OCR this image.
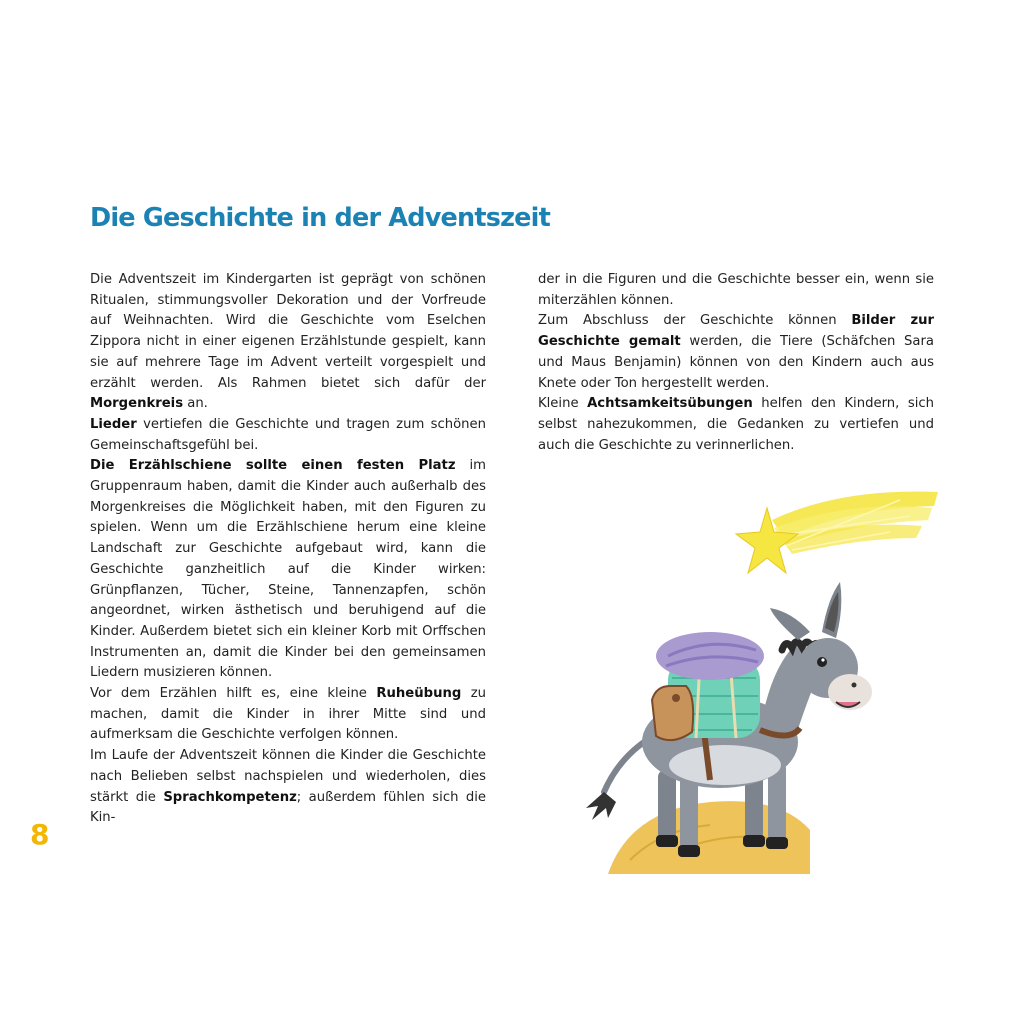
Die Geschichte in der Adventszeit

Die Adventszeit im Kindergarten ist geprägt von schönen Ritualen, stimmungsvoller Dekoration und der Vorfreude auf Weihnachten. Wird die Geschichte vom Eselchen Zippora nicht in einer eigenen Erzählstunde gespielt, kann sie auf mehrere Tage im Advent verteilt vorgespielt und erzählt werden. Als Rahmen bietet sich dafür der Morgenkreis an.

Lieder vertiefen die Geschichte und tragen zum schönen Gemeinschaftsgefühl bei.

Die Erzählschiene sollte einen festen Platz im Gruppenraum haben, damit die Kinder auch außerhalb des Morgenkreises die Möglichkeit haben, mit den Figuren zu spielen. Wenn um die Erzählschiene herum eine kleine Landschaft zur Geschichte aufgebaut wird, kann die Geschichte ganzheitlich auf die Kinder wirken: Grünpflanzen, Tücher, Steine, Tannenzapfen, schön angeordnet, wirken ästhetisch und beruhigend auf die Kinder. Außerdem bietet sich ein kleiner Korb mit Orffschen Instrumenten an, damit die Kinder bei den gemeinsamen Liedern musizieren können.

Vor dem Erzählen hilft es, eine kleine Ruheübung zu machen, damit die Kinder in ihrer Mitte sind und aufmerksam die Geschichte verfolgen können.

Im Laufe der Adventszeit können die Kinder die Geschichte nach Belieben selbst nachspielen und wiederholen, dies stärkt die Sprachkompetenz; außerdem fühlen sich die Kin-

der in die Figuren und die Geschichte besser ein, wenn sie miterzählen können.

Zum Abschluss der Geschichte können Bilder zur Geschichte gemalt werden, die Tiere (Schäfchen Sara und Maus Benjamin) können von den Kindern auch aus Knete oder Ton hergestellt werden.

Kleine Achtsamkeitsübungen helfen den Kindern, sich selbst nahezukommen, die Gedanken zu vertiefen und auch die Geschichte zu verinnerlichen.

8
